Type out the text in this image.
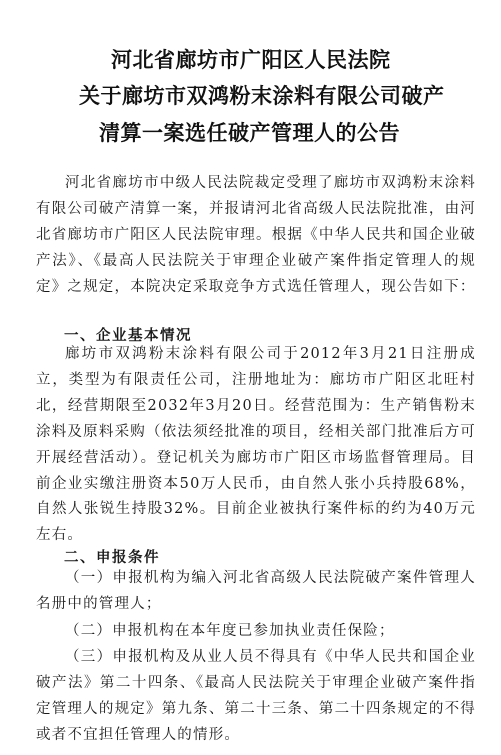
河北省廊坊市广阳区人民法院
关于廊坊市双鸿粉末涂料有限公司破产
清算一案选任破产管理人的公告

河北省廊坊市中级人民法院裁定受理了廊坊市双鸿粉末涂料有限公司破产清算一案，并报请河北省高级人民法院批准，由河北省廊坊市广阳区人民法院审理。根据《中华人民共和国企业破产法》、《最高人民法院关于审理企业破产案件指定管理人的规定》之规定，本院决定采取竞争方式选任管理人，现公告如下：

一、企业基本情况

廊坊市双鸿粉末涂料有限公司于2012年3月21日注册成立，类型为有限责任公司，注册地址为：廊坊市广阳区北旺村北，经营期限至2032年3月20日。经营范围为：生产销售粉末涂料及原料采购（依法须经批准的项目，经相关部门批准后方可开展经营活动）。登记机关为廊坊市广阳区市场监督管理局。目前企业实缴注册资本50万人民币，由自然人张小兵持股68%，自然人张锐生持股32%。目前企业被执行案件标的约为40万元左右。

二、申报条件

（一）申报机构为编入河北省高级人民法院破产案件管理人名册中的管理人；

（二）申报机构在本年度已参加执业责任保险；

（三）申报机构及从业人员不得具有《中华人民共和国企业破产法》第二十四条、《最高人民法院关于审理企业破产案件指定管理人的规定》第九条、第二十三条、第二十四条规定的不得或者不宜担任管理人的情形。
